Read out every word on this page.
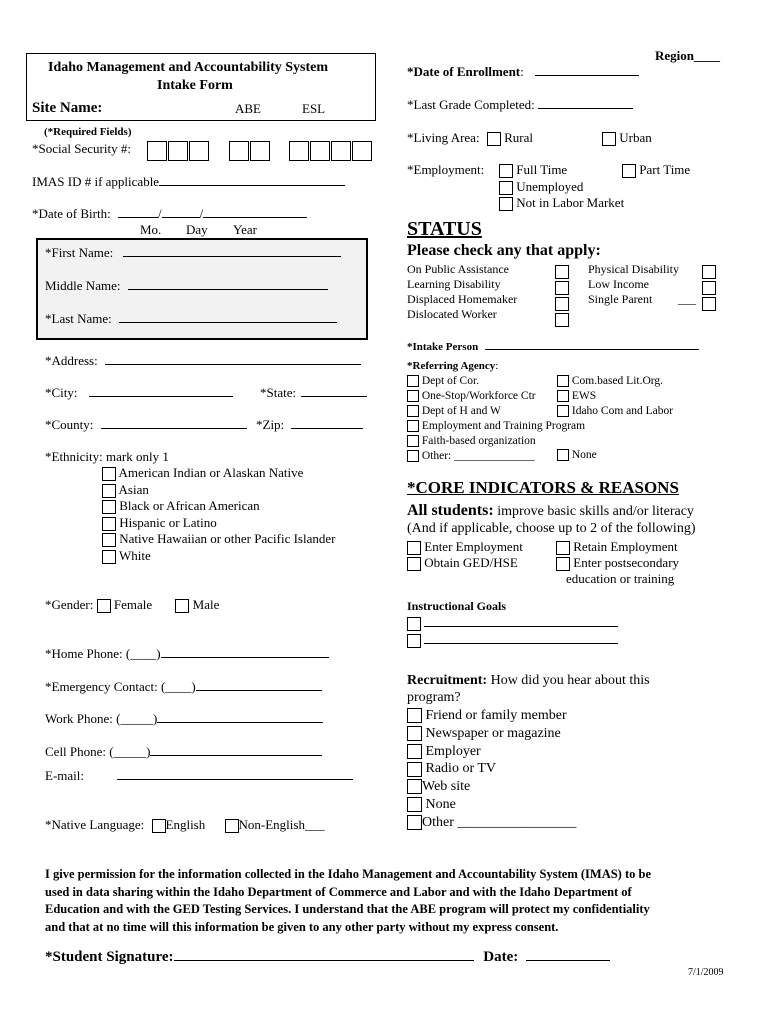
Idaho Management and Accountability System
Intake Form
Site Name:	ABE	ESL
Region____
*Date of Enrollment:
*Last Grade Completed:
(*Required Fields)
*Social Security #:

IMAS ID # if applicable
*Date of Birth:	/	/
Mo. Day Year
*First Name:
Middle Name:
*Last Name:
*Address:
*City:	*State:
*County:	*Zip:
*Ethnicity: mark only 1
American Indian or Alaskan Native
Asian
Black or African American
Hispanic or Latino
Native Hawaiian or other Pacific Islander
White
*Gender: Female	Male
*Home Phone: (____)
*Emergency Contact: (____)
Work Phone: (_____)
Cell Phone: (_____)
E-mail:
*Native Language: English	Non-English___
*Living Area: Rural	Urban
*Employment:	Full Time
Unemployed
Not in Labor Market
Part Time
STATUS
Please check any that apply:
On Public Assistance
Learning Disability
Displaced Homemaker
Dislocated Worker
Physical Disability
Low Income
Single Parent	___
*Intake Person
*Referring Agency:
Dept of Cor.
One-Stop/Workforce Ctr
Dept of H and W
Employment and Training Program
Faith-based organization
Other: ______________
Com.based Lit.Org.
EWS
Idaho Com and Labor
None
*CORE INDICATORS & REASONS
All students: improve basic skills and/or literacy
(And if applicable, choose up to 2 of the following)
Enter Employment	Retain Employment
Obtain GED/HSE	Enter postsecondary
education or training
Instructional Goals

Recruitment: How did you hear about this
program?
Friend or family member
Newspaper or magazine
Employer
Radio or TV
Web site
None
Other _________________
I give permission for the information collected in the Idaho Management and Accountability System (IMAS) to be
used in data sharing within the Idaho Department of Commerce and Labor and with the Idaho Department of
Education and with the GED Testing Services. I understand that the ABE program will protect my confidentiality
and that at no time will this information be given to any other party without my express consent.
*Student Signature:	Date:
7/1/2009
